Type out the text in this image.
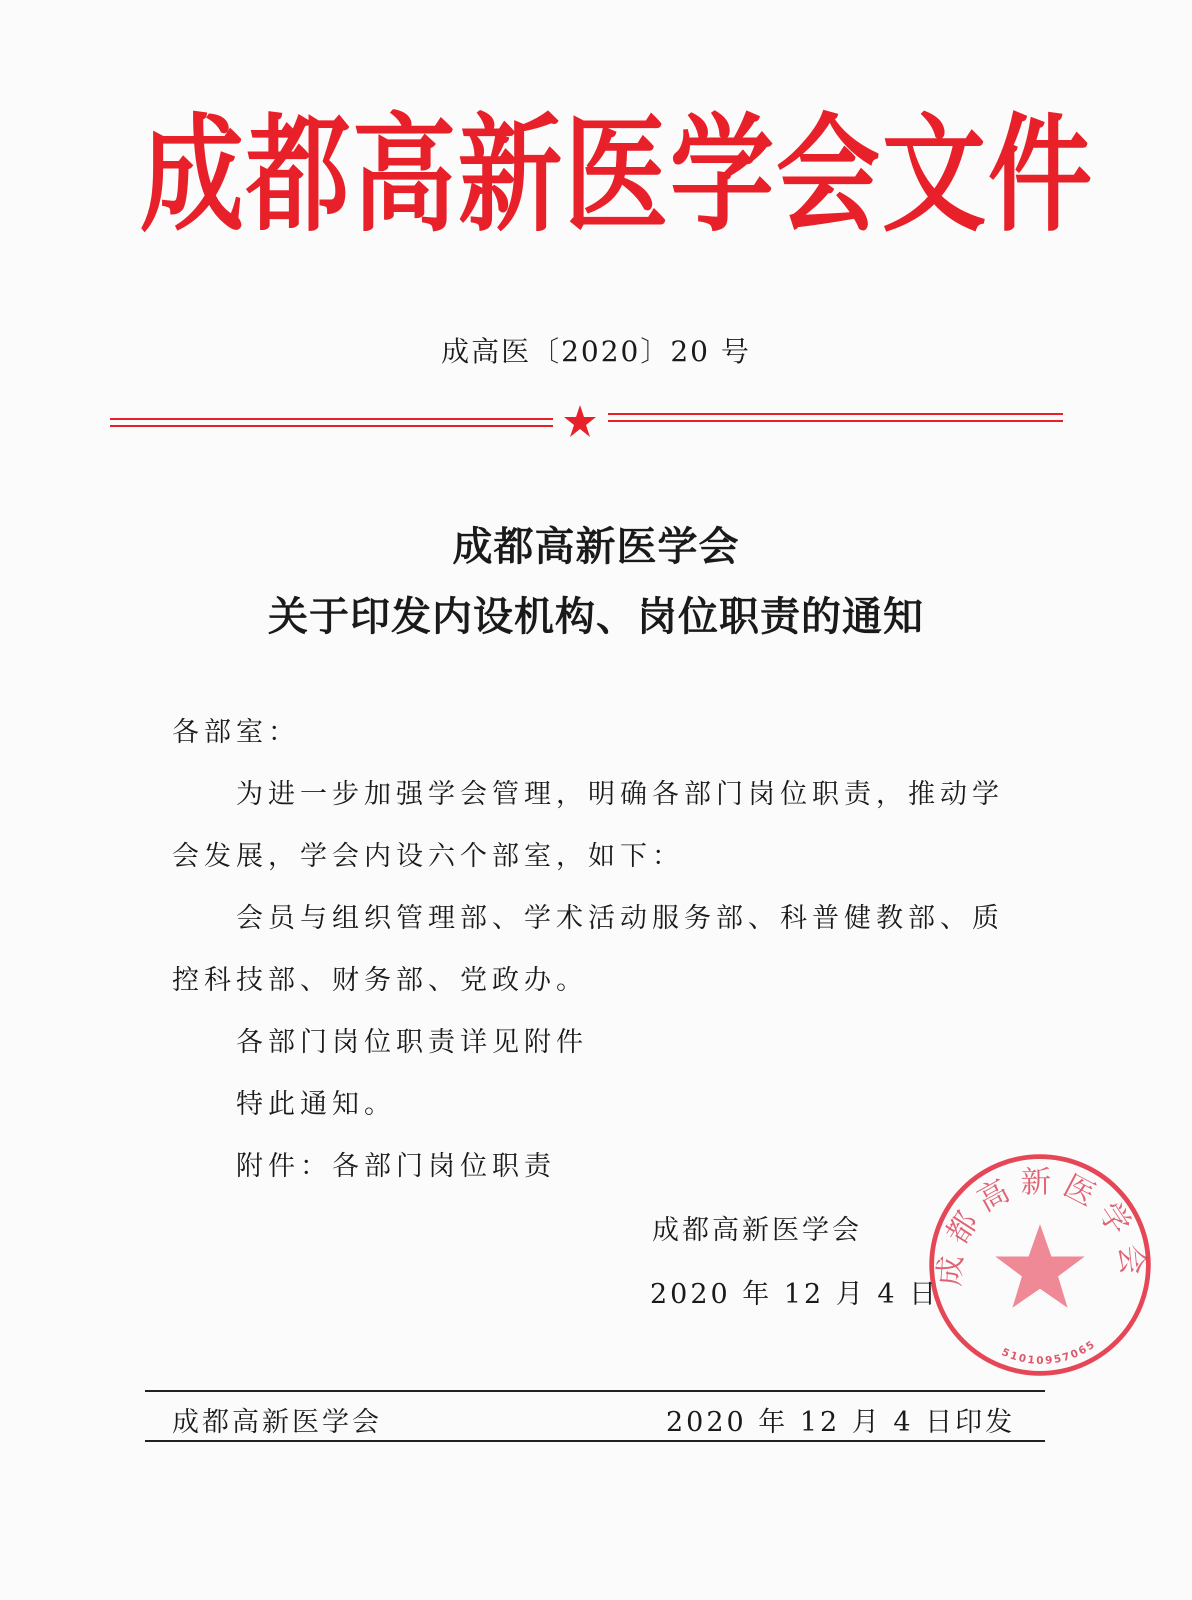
成都高新医学会文件
成高医〔2020〕20 号
成都高新医学会
关于印发内设机构、岗位职责的通知
各部室：
为进一步加强学会管理，明确各部门岗位职责，推动学
会发展，学会内设六个部室，如下：
会员与组织管理部、学术活动服务部、科普健教部、质
控科技部、财务部、党政办。
各部门岗位职责详见附件
特此通知。
附件：各部门岗位职责
成都高新医学会
51010957065
成都高新医学会
2020 年 12 月 4 日
成都高新医学会	2020 年 12 月 4 日印发
